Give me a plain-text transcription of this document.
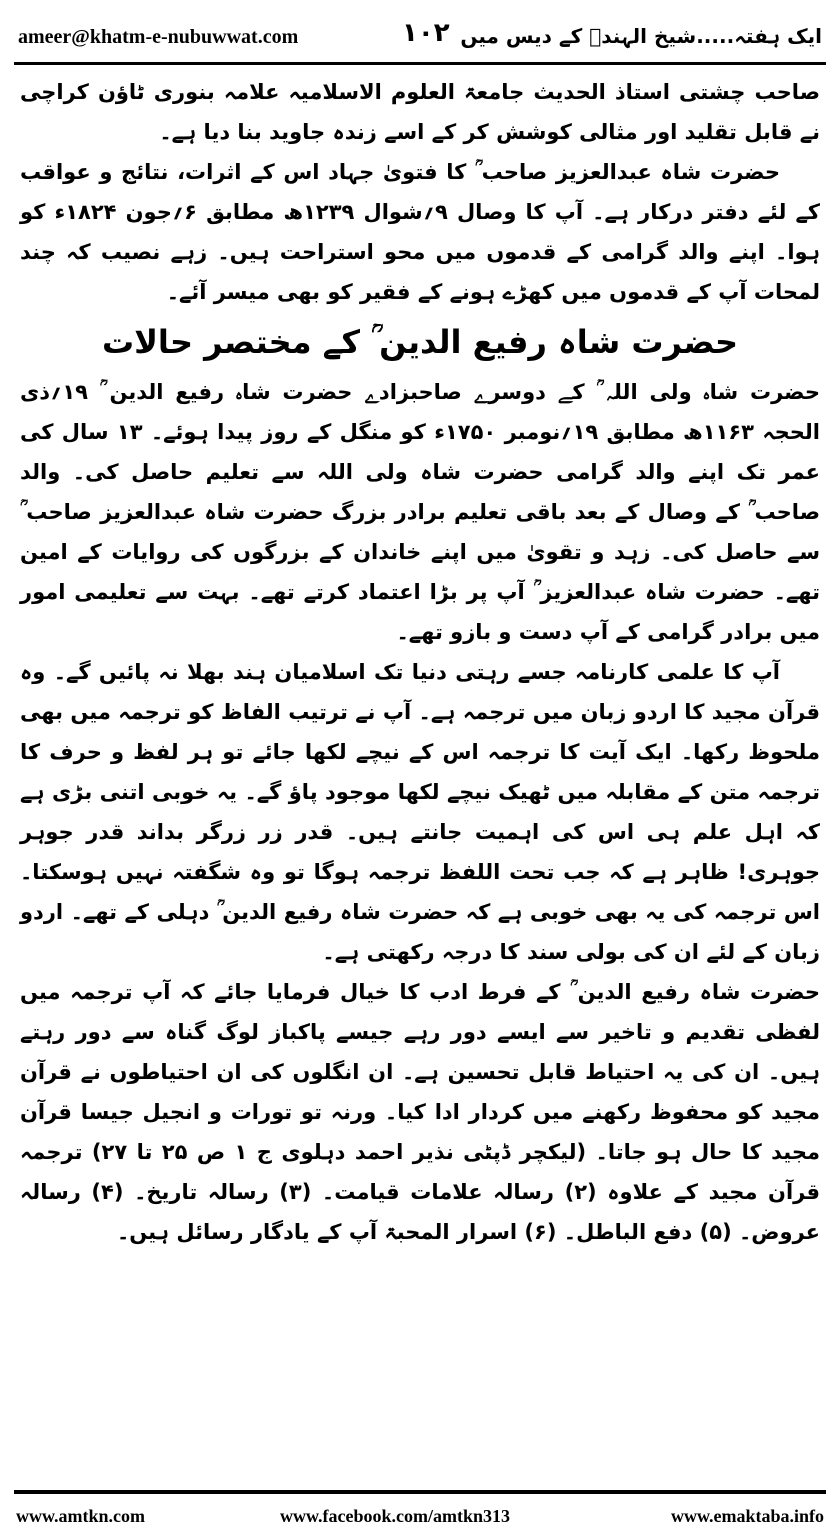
ameer@khatm-e-nubuwwat.com	۱۰۲ ایک ہفتہ.....شیخ الہندؒ کے دیس میں

صاحب چشتی استاذ الحدیث جامعۃ العلوم الاسلامیہ علامہ بنوری ٹاؤن کراچی نے قابل تقلید اور مثالی کوشش کر کے اسے زندہ جاوید بنا دیا ہے۔

حضرت شاہ عبدالعزیز صاحب ؒ کا فتویٰ جہاد اس کے اثرات، نتائج و عواقب کے لئے دفتر درکار ہے۔ آپ کا وصال ۹؍شوال ۱۲۳۹ھ مطابق ۶؍جون ۱۸۲۴ء کو ہوا۔ اپنے والد گرامی کے قدموں میں محو استراحت ہیں۔ زہے نصیب کہ چند لمحات آپ کے قدموں میں کھڑے ہونے کے فقیر کو بھی میسر آئے۔

حضرت شاہ رفیع الدین ؒ کے مختصر حالات

حضرت شاہ ولی اللہ ؒ کے دوسرے صاحبزادے حضرت شاہ رفیع الدین ؒ ۱۹؍ذی الحجہ ۱۱۶۳ھ مطابق ۱۹؍نومبر ۱۷۵۰ء کو منگل کے روز پیدا ہوئے۔ ۱۳ سال کی عمر تک اپنے والد گرامی حضرت شاہ ولی اللہ سے تعلیم حاصل کی۔ والد صاحب ؒ کے وصال کے بعد باقی تعلیم برادر بزرگ حضرت شاہ عبدالعزیز صاحب ؒ سے حاصل کی۔ زہد و تقویٰ میں اپنے خاندان کے بزرگوں کی روایات کے امین تھے۔ حضرت شاہ عبدالعزیز ؒ آپ پر بڑا اعتماد کرتے تھے۔ بہت سے تعلیمی امور میں برادر گرامی کے آپ دست و بازو تھے۔

آپ کا علمی کارنامہ جسے رہتی دنیا تک اسلامیان ہند بھلا نہ پائیں گے۔ وہ قرآن مجید کا اردو زبان میں ترجمہ ہے۔ آپ نے ترتیب الفاظ کو ترجمہ میں بھی ملحوظ رکھا۔ ایک آیت کا ترجمہ اس کے نیچے لکھا جائے تو ہر لفظ و حرف کا ترجمہ متن کے مقابلہ میں ٹھیک نیچے لکھا موجود پاؤ گے۔ یہ خوبی اتنی بڑی ہے کہ اہل علم ہی اس کی اہمیت جانتے ہیں۔ قدر زر زرگر بداند قدر جوہر جوہری! ظاہر ہے کہ جب تحت اللفظ ترجمہ ہوگا تو وہ شگفتہ نہیں ہوسکتا۔ اس ترجمہ کی یہ بھی خوبی ہے کہ حضرت شاہ رفیع الدین ؒ دہلی کے تھے۔ اردو زبان کے لئے ان کی بولی سند کا درجہ رکھتی ہے۔

حضرت شاہ رفیع الدین ؒ کے فرط ادب کا خیال فرمایا جائے کہ آپ ترجمہ میں لفظی تقدیم و تاخیر سے ایسے دور رہے جیسے پاکباز لوگ گناہ سے دور رہتے ہیں۔ ان کی یہ احتیاط قابل تحسین ہے۔ ان انگلوں کی ان احتیاطوں نے قرآن مجید کو محفوظ رکھنے میں کردار ادا کیا۔ ورنہ تو تورات و انجیل جیسا قرآن مجید کا حال ہو جاتا۔ (لیکچر ڈپٹی نذیر احمد دہلوی ج ۱ ص ۲۵ تا ۲۷) ترجمہ قرآن مجید کے علاوہ (۲) رسالہ علامات قیامت۔ (۳) رسالہ تاریخ۔ (۴) رسالہ عروض۔ (۵) دفع الباطل۔ (۶) اسرار المحبۃ آپ کے یادگار رسائل ہیں۔

www.amtkn.com	www.facebook.com/amtkn313	www.emaktaba.info
